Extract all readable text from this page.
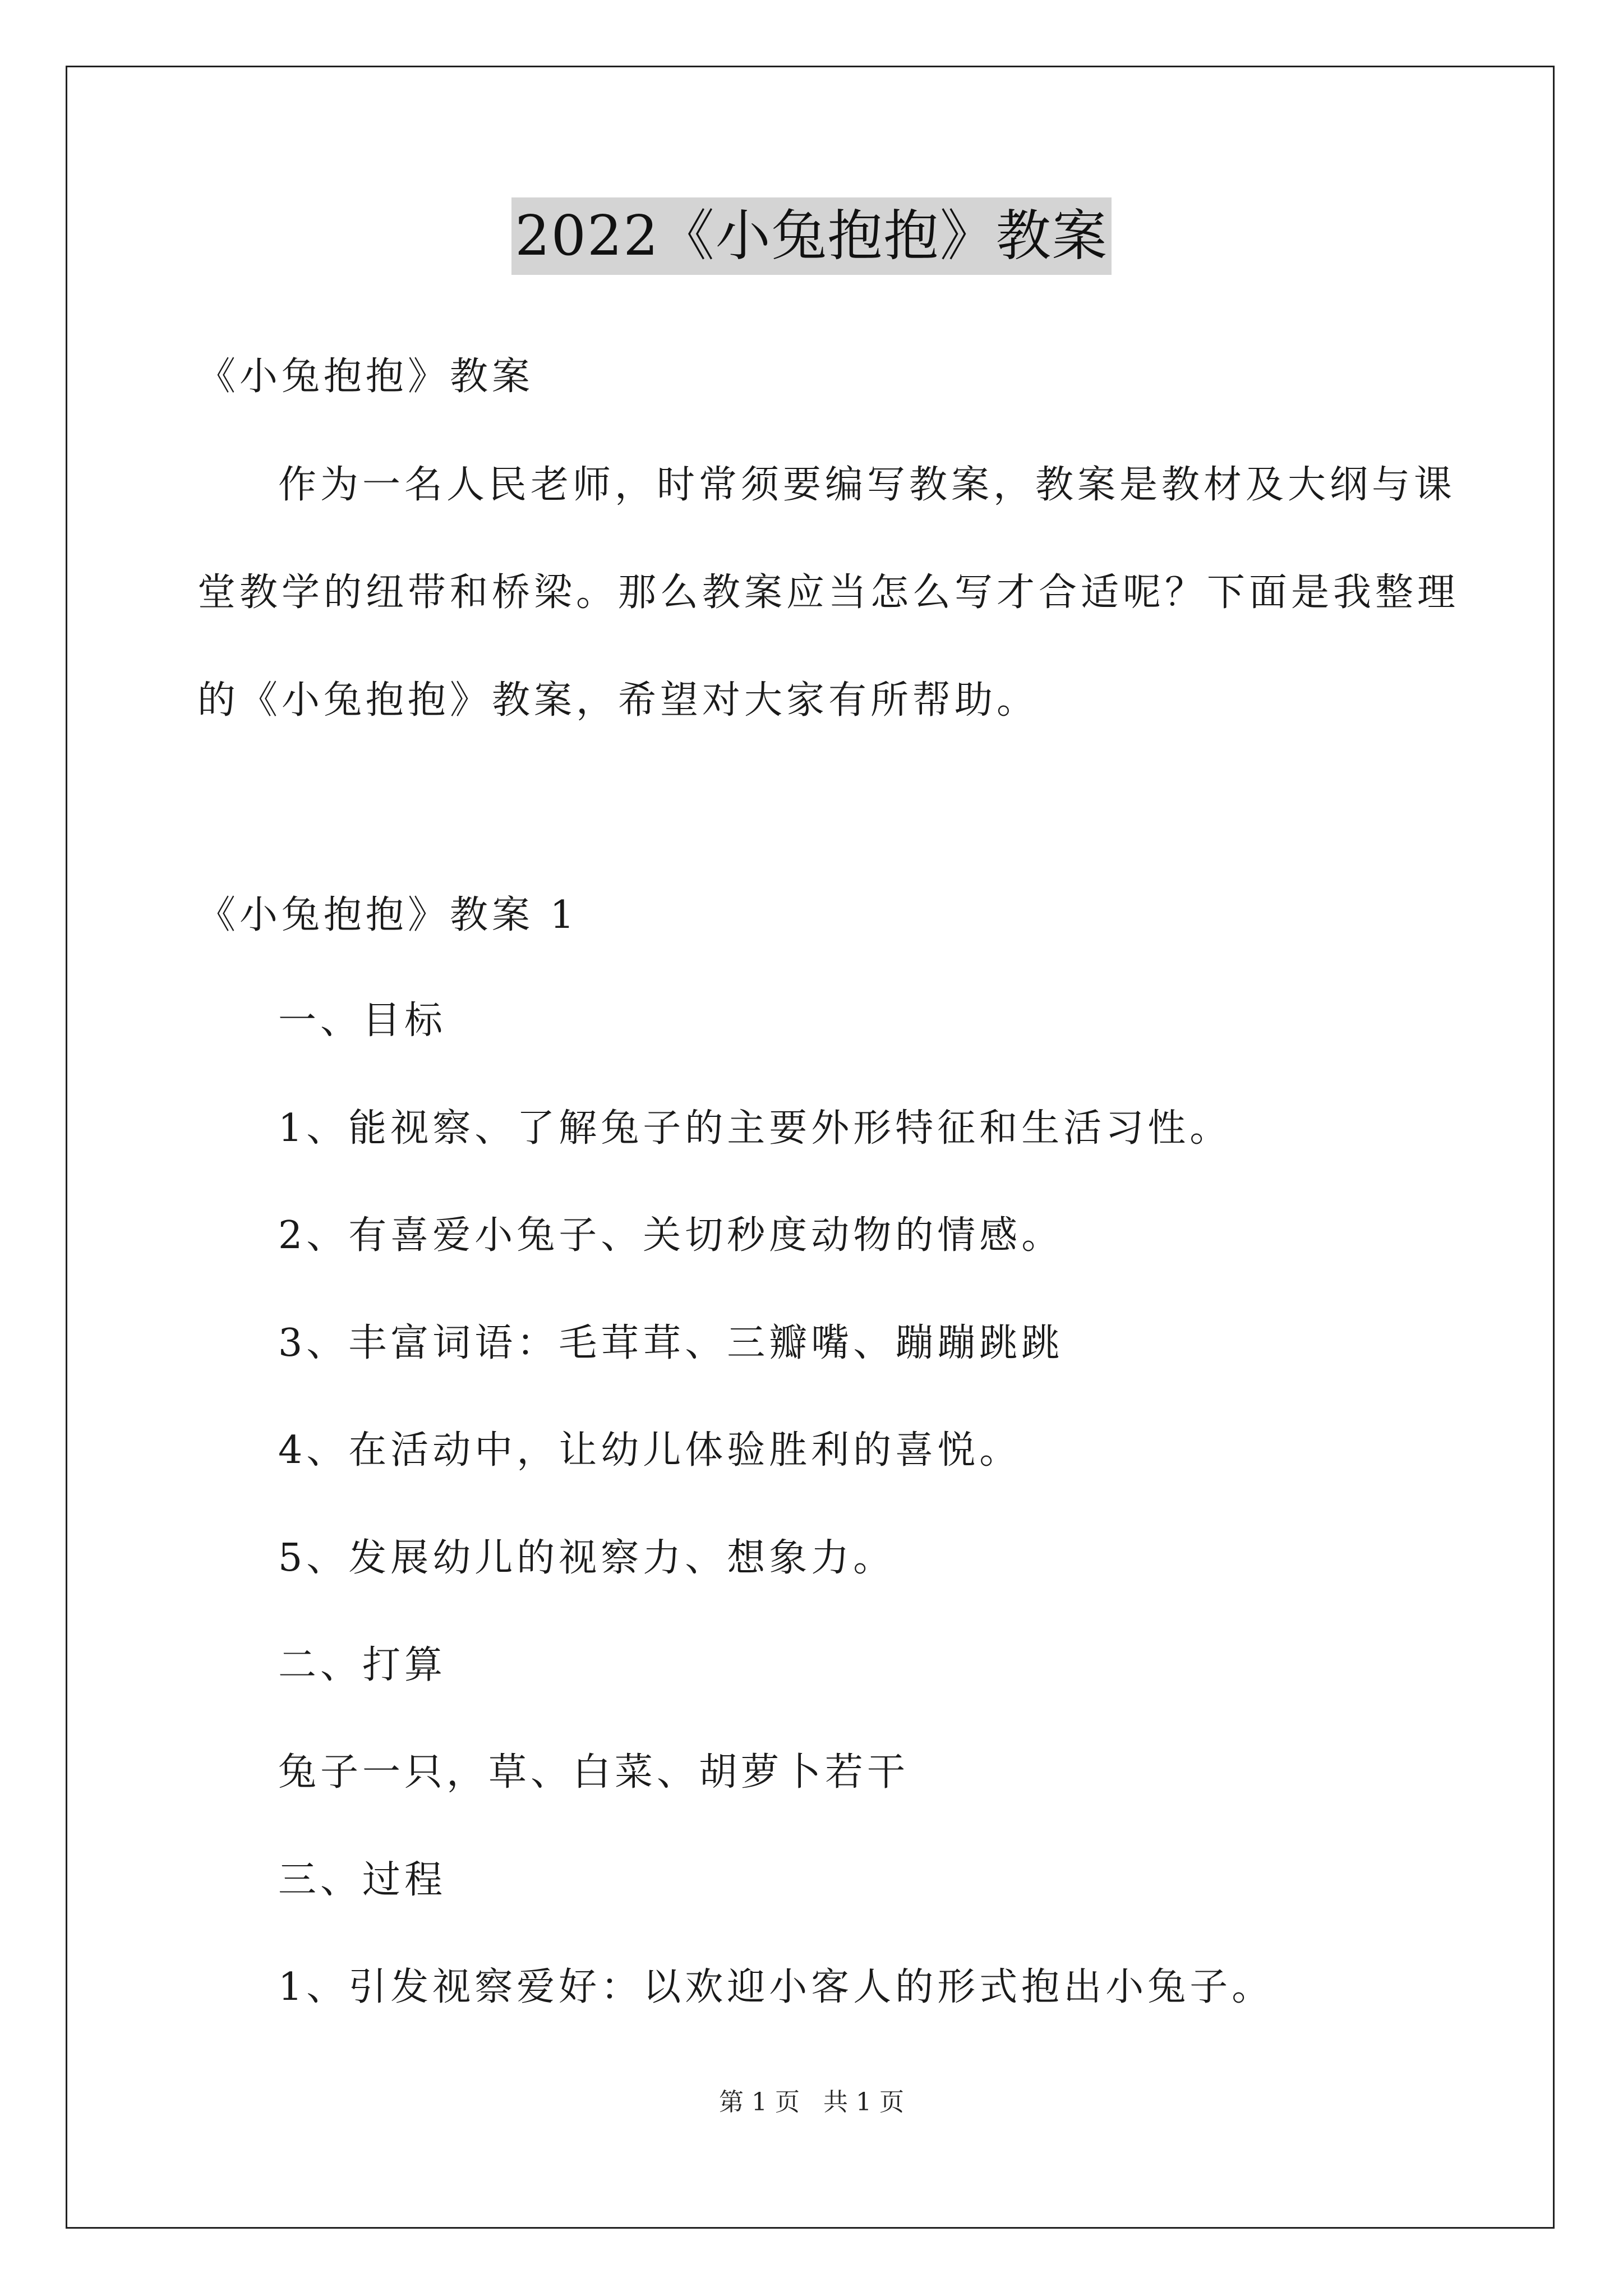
2022《小兔抱抱》教案
《小兔抱抱》教案
作为一名人民老师，时常须要编写教案，教案是教材及大纲与课
堂教学的纽带和桥梁。那么教案应当怎么写才合适呢？下面是我整理
的《小兔抱抱》教案，希望对大家有所帮助。
《小兔抱抱》教案 1
一、目标
1、能视察、了解兔子的主要外形特征和生活习性。
2、有喜爱小兔子、关切秒度动物的情感。
3、丰富词语：毛茸茸、三瓣嘴、蹦蹦跳跳
4、在活动中，让幼儿体验胜利的喜悦。
5、发展幼儿的视察力、想象力。
二、打算
兔子一只，草、白菜、胡萝卜若干
三、过程
1、引发视察爱好：以欢迎小客人的形式抱出小兔子。
第 1 页 共 1 页
